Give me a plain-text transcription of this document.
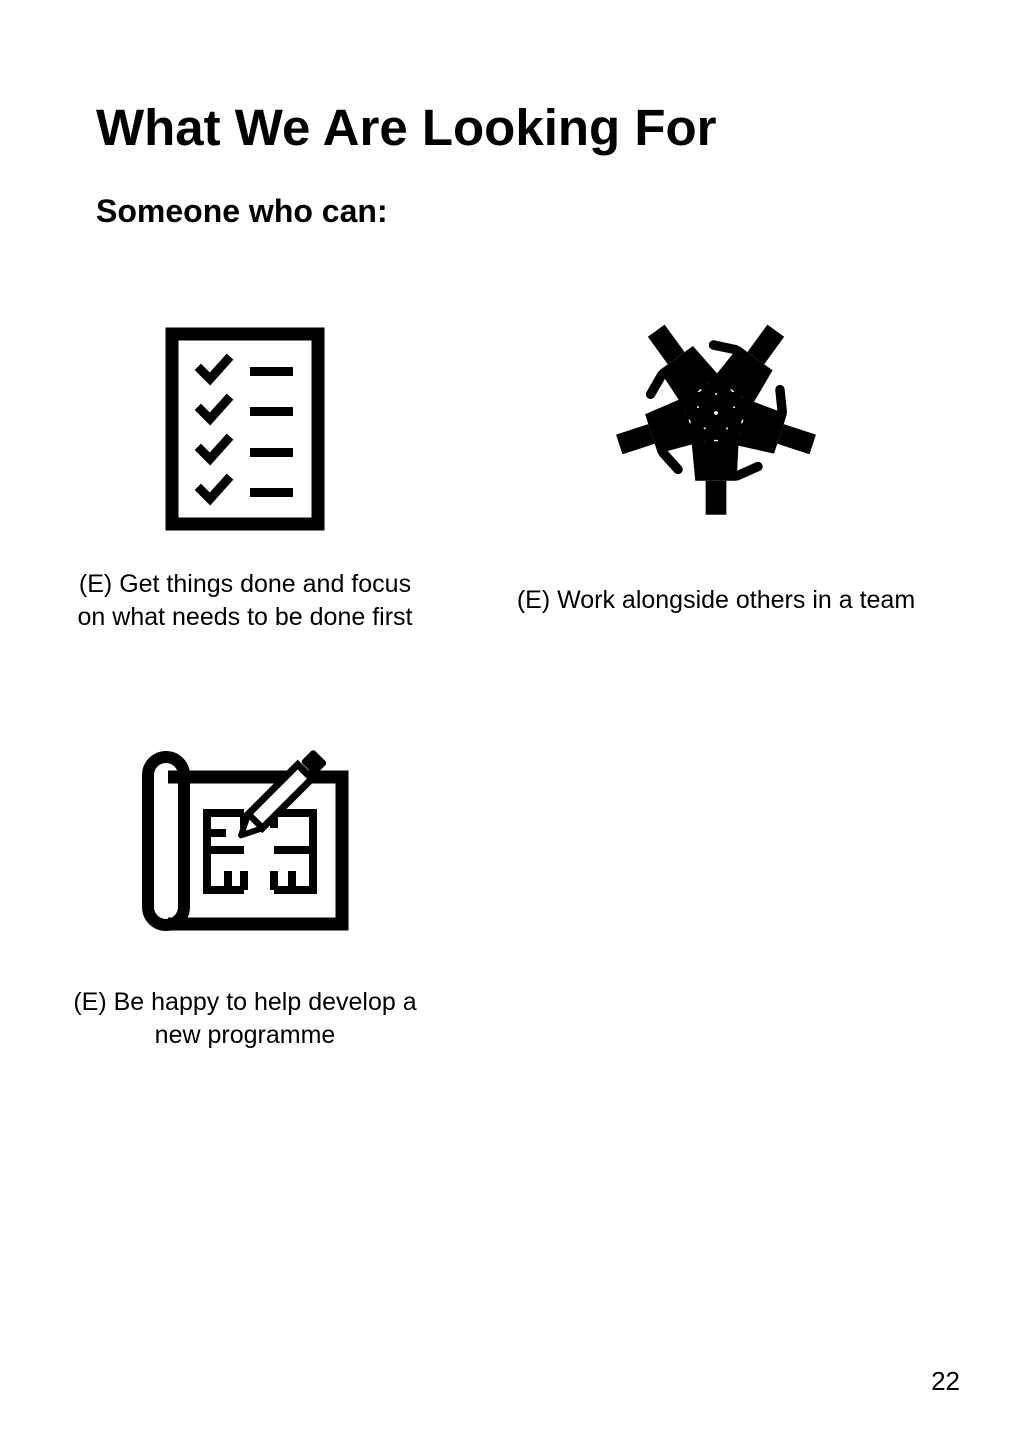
What We Are Looking For
Someone who can:

(E) Get things done and focus on what needs to be done first

(E) Work alongside others in a team

(E) Be happy to help develop a new programme

22
